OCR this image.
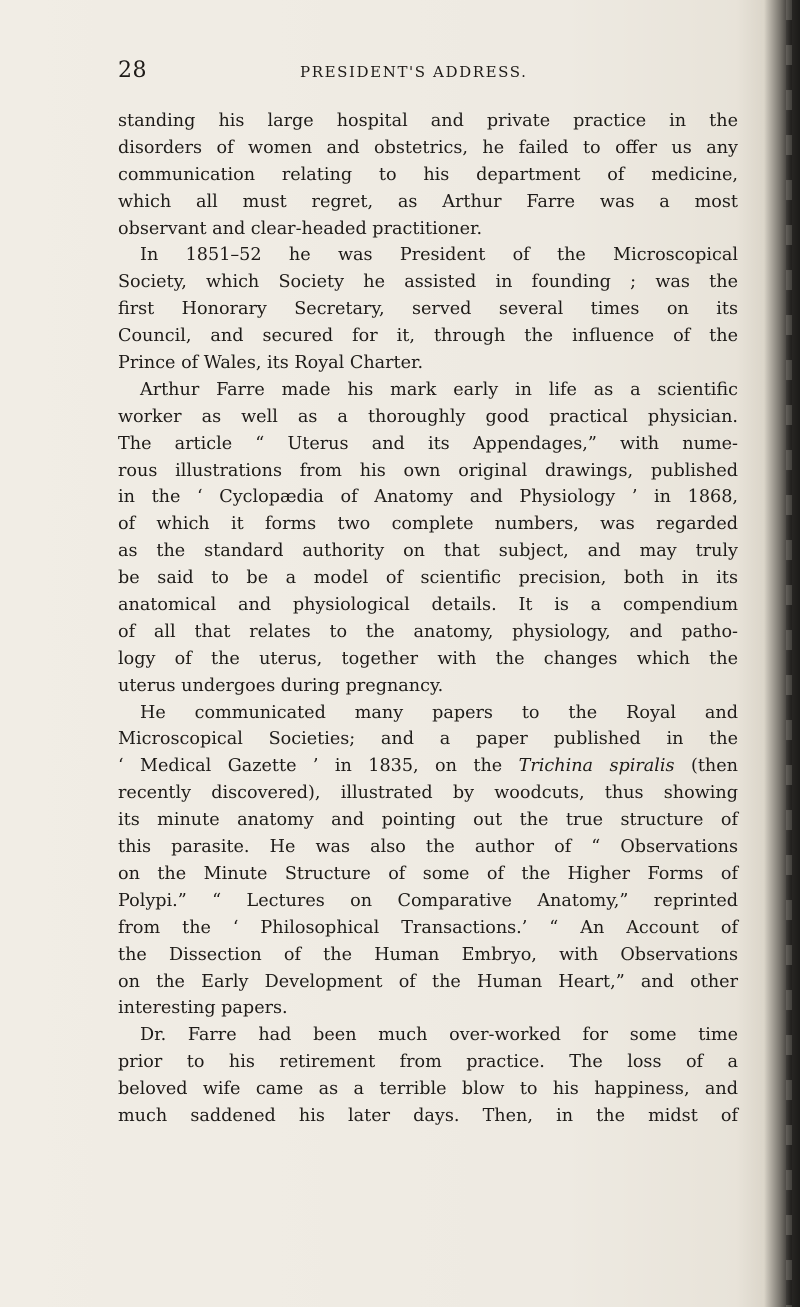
28	PRESIDENT'S ADDRESS.
standing his large hospital and private practice in the
disorders of women and obstetrics, he failed to offer us any
communication relating to his department of medicine,
which all must regret, as Arthur Farre was a most
observant and clear-headed practitioner.
In 1851–52 he was President of the Microscopical
Society, which Society he assisted in founding ; was the
first Honorary Secretary, served several times on its
Council, and secured for it, through the influence of the
Prince of Wales, its Royal Charter.
Arthur Farre made his mark early in life as a scientific
worker as well as a thoroughly good practical physician.
The article “ Uterus and its Appendages,” with nume-
rous illustrations from his own original drawings, published
in the ‘ Cyclopædia of Anatomy and Physiology ’ in 1868,
of which it forms two complete numbers, was regarded
as the standard authority on that subject, and may truly
be said to be a model of scientific precision, both in its
anatomical and physiological details. It is a compendium
of all that relates to the anatomy, physiology, and patho-
logy of the uterus, together with the changes which the
uterus undergoes during pregnancy.
He communicated many papers to the Royal and
Microscopical Societies; and a paper published in the
‘ Medical Gazette ’ in 1835, on the Trichina spiralis (then
recently discovered), illustrated by woodcuts, thus showing
its minute anatomy and pointing out the true structure of
this parasite. He was also the author of “ Observations
on the Minute Structure of some of the Higher Forms of
Polypi.” “ Lectures on Comparative Anatomy,” reprinted
from the ‘ Philosophical Transactions.’ “ An Account of
the Dissection of the Human Embryo, with Observations
on the Early Development of the Human Heart,” and other
interesting papers.
Dr. Farre had been much over-worked for some time
prior to his retirement from practice. The loss of a
beloved wife came as a terrible blow to his happiness, and
much saddened his later days. Then, in the midst of
